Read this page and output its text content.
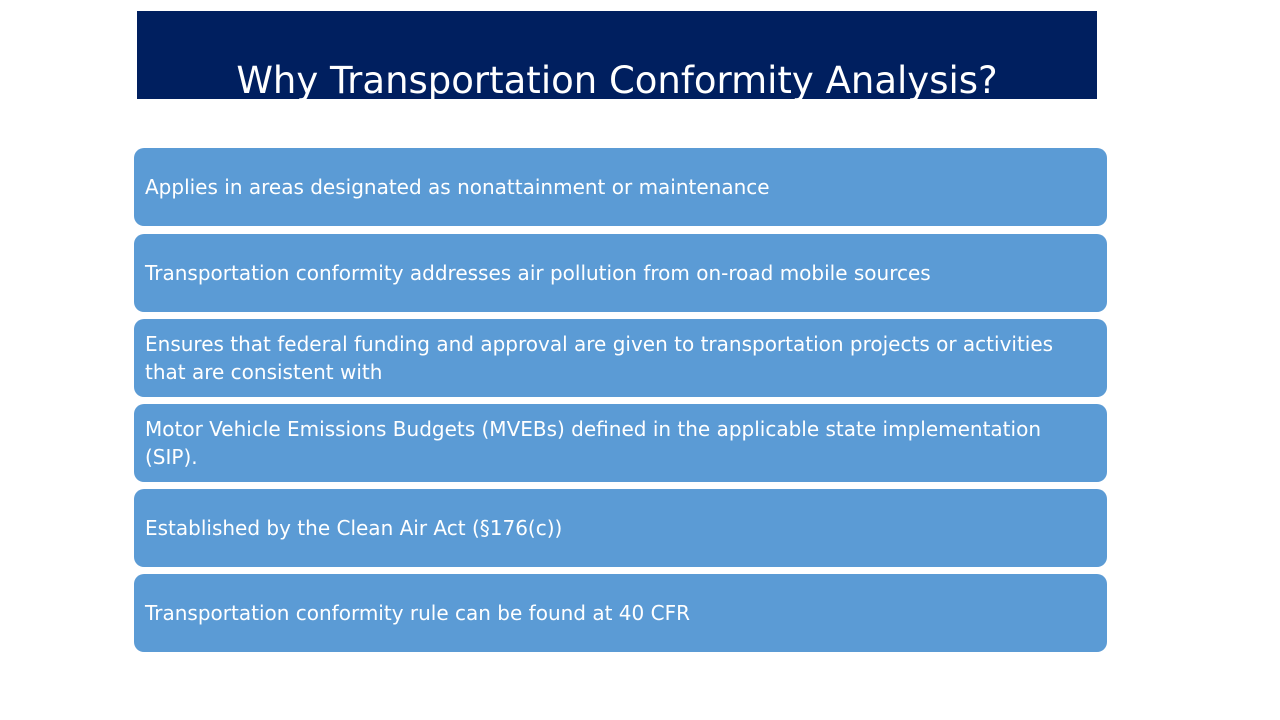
Why Transportation Conformity Analysis?
Applies in areas designated as nonattainment or maintenance
Transportation conformity addresses air pollution from on-road mobile sources
Ensures that federal funding and approval are given to transportation projects or activities that are consistent with
Motor Vehicle Emissions Budgets (MVEBs) defined in the applicable state implementation (SIP).
Established by the Clean Air Act (§176(c))
Transportation conformity rule can be found at 40 CFR
